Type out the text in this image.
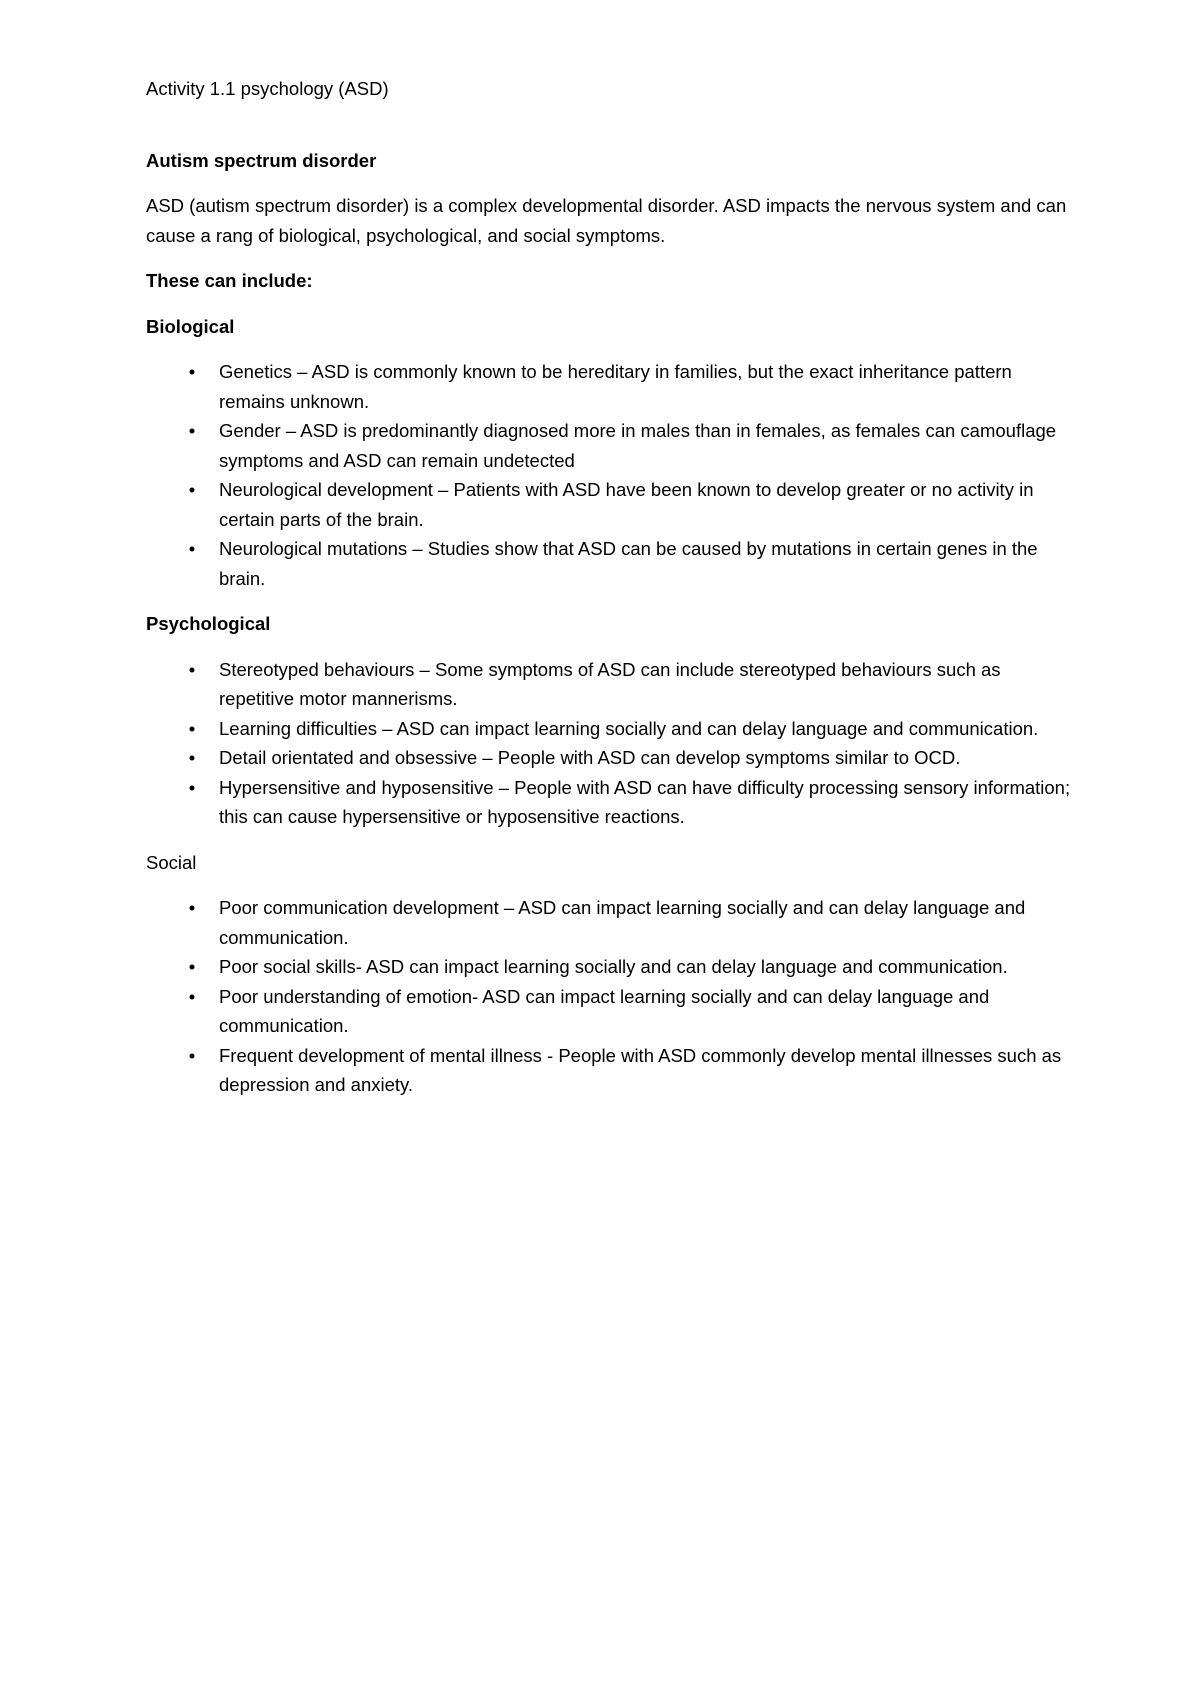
Activity 1.1 psychology (ASD)

Autism spectrum disorder

ASD (autism spectrum disorder) is a complex developmental disorder. ASD impacts the nervous system and can cause a rang of biological, psychological, and social symptoms.

These can include:

Biological

• Genetics – ASD is commonly known to be hereditary in families, but the exact inheritance pattern remains unknown.
• Gender – ASD is predominantly diagnosed more in males than in females, as females can camouflage symptoms and ASD can remain undetected
• Neurological development – Patients with ASD have been known to develop greater or no activity in certain parts of the brain.
• Neurological mutations – Studies show that ASD can be caused by mutations in certain genes in the brain.

Psychological

• Stereotyped behaviours – Some symptoms of ASD can include stereotyped behaviours such as repetitive motor mannerisms.
• Learning difficulties – ASD can impact learning socially and can delay language and communication.
• Detail orientated and obsessive – People with ASD can develop symptoms similar to OCD.
• Hypersensitive and hyposensitive – People with ASD can have difficulty processing sensory information; this can cause hypersensitive or hyposensitive reactions.

Social

• Poor communication development – ASD can impact learning socially and can delay language and communication.
• Poor social skills- ASD can impact learning socially and can delay language and communication.
• Poor understanding of emotion- ASD can impact learning socially and can delay language and communication.
• Frequent development of mental illness - People with ASD commonly develop mental illnesses such as depression and anxiety.
